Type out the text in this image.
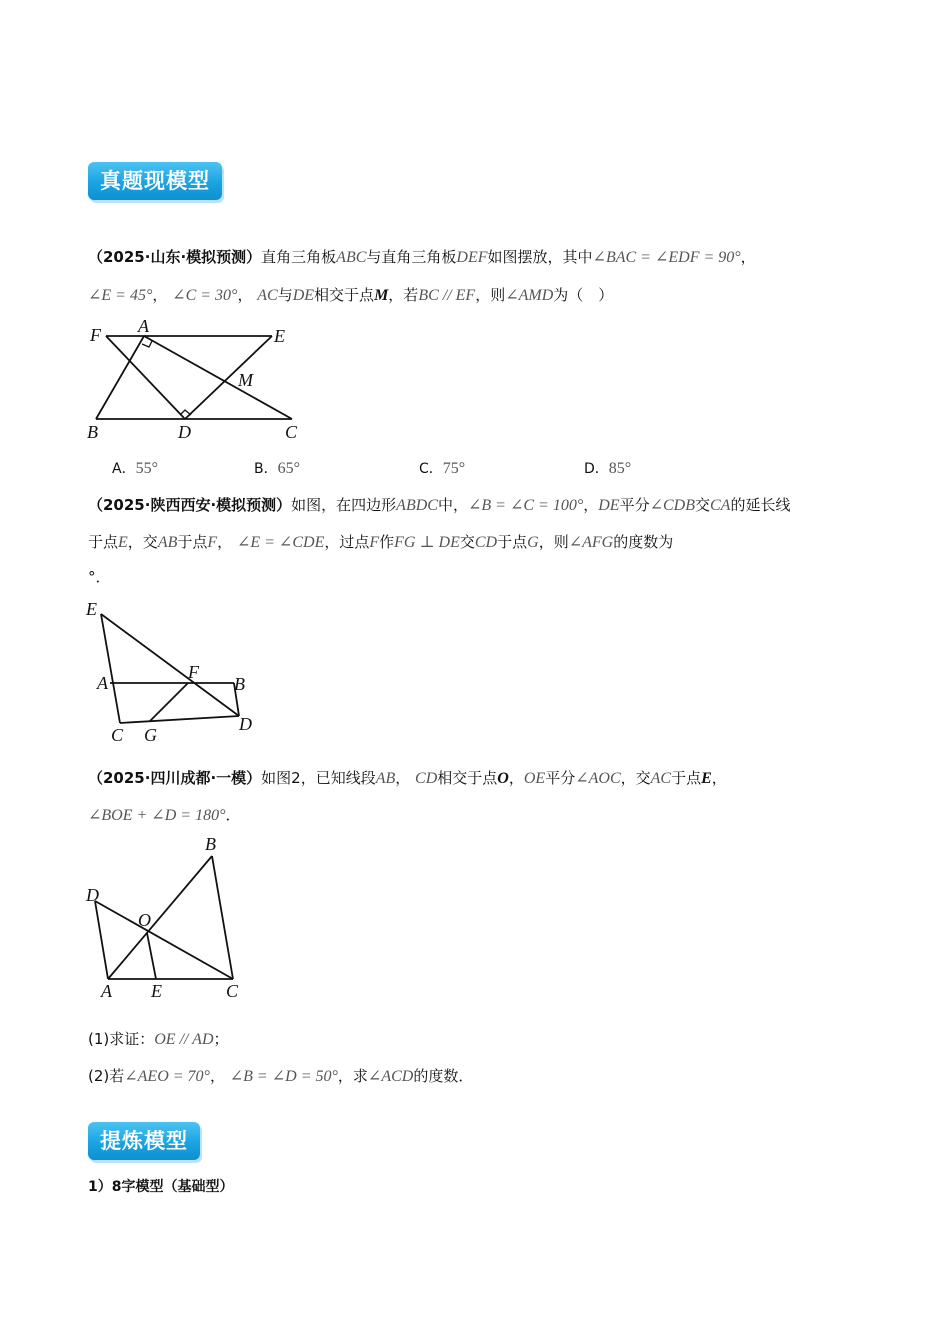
真题现模型
（2025·山东·模拟预测）直角三角板ABC与直角三角板DEF如图摆放，其中∠BAC = ∠EDF = 90°，
∠E = 45°， ∠C = 30°， AC与DE相交于点M，若BC // EF，则∠AMD为（　）
F A	E
M
B	D	C
A．55°	B．65°	C．75°	D．85°
（2025·陕西西安·模拟预测）如图，在四边形ABDC中，∠B = ∠C = 100°，DE平分∠CDB交CA的延长线
于点E，交AB于点F， ∠E = ∠CDE，过点F作FG ⊥ DE交CD于点G，则∠AFG的度数为
°．
E
F
A	B
D
C G
（2025·四川成都·一模）如图2，已知线段AB， CD相交于点O，OE平分∠AOC，交AC于点E，
∠BOE + ∠D = 180°．
B
D
O
A E	C
(1)求证：OE // AD；
(2)若∠AEO = 70°， ∠B = ∠D = 50°，求∠ACD的度数．
提炼模型
1）8字模型（基础型）
